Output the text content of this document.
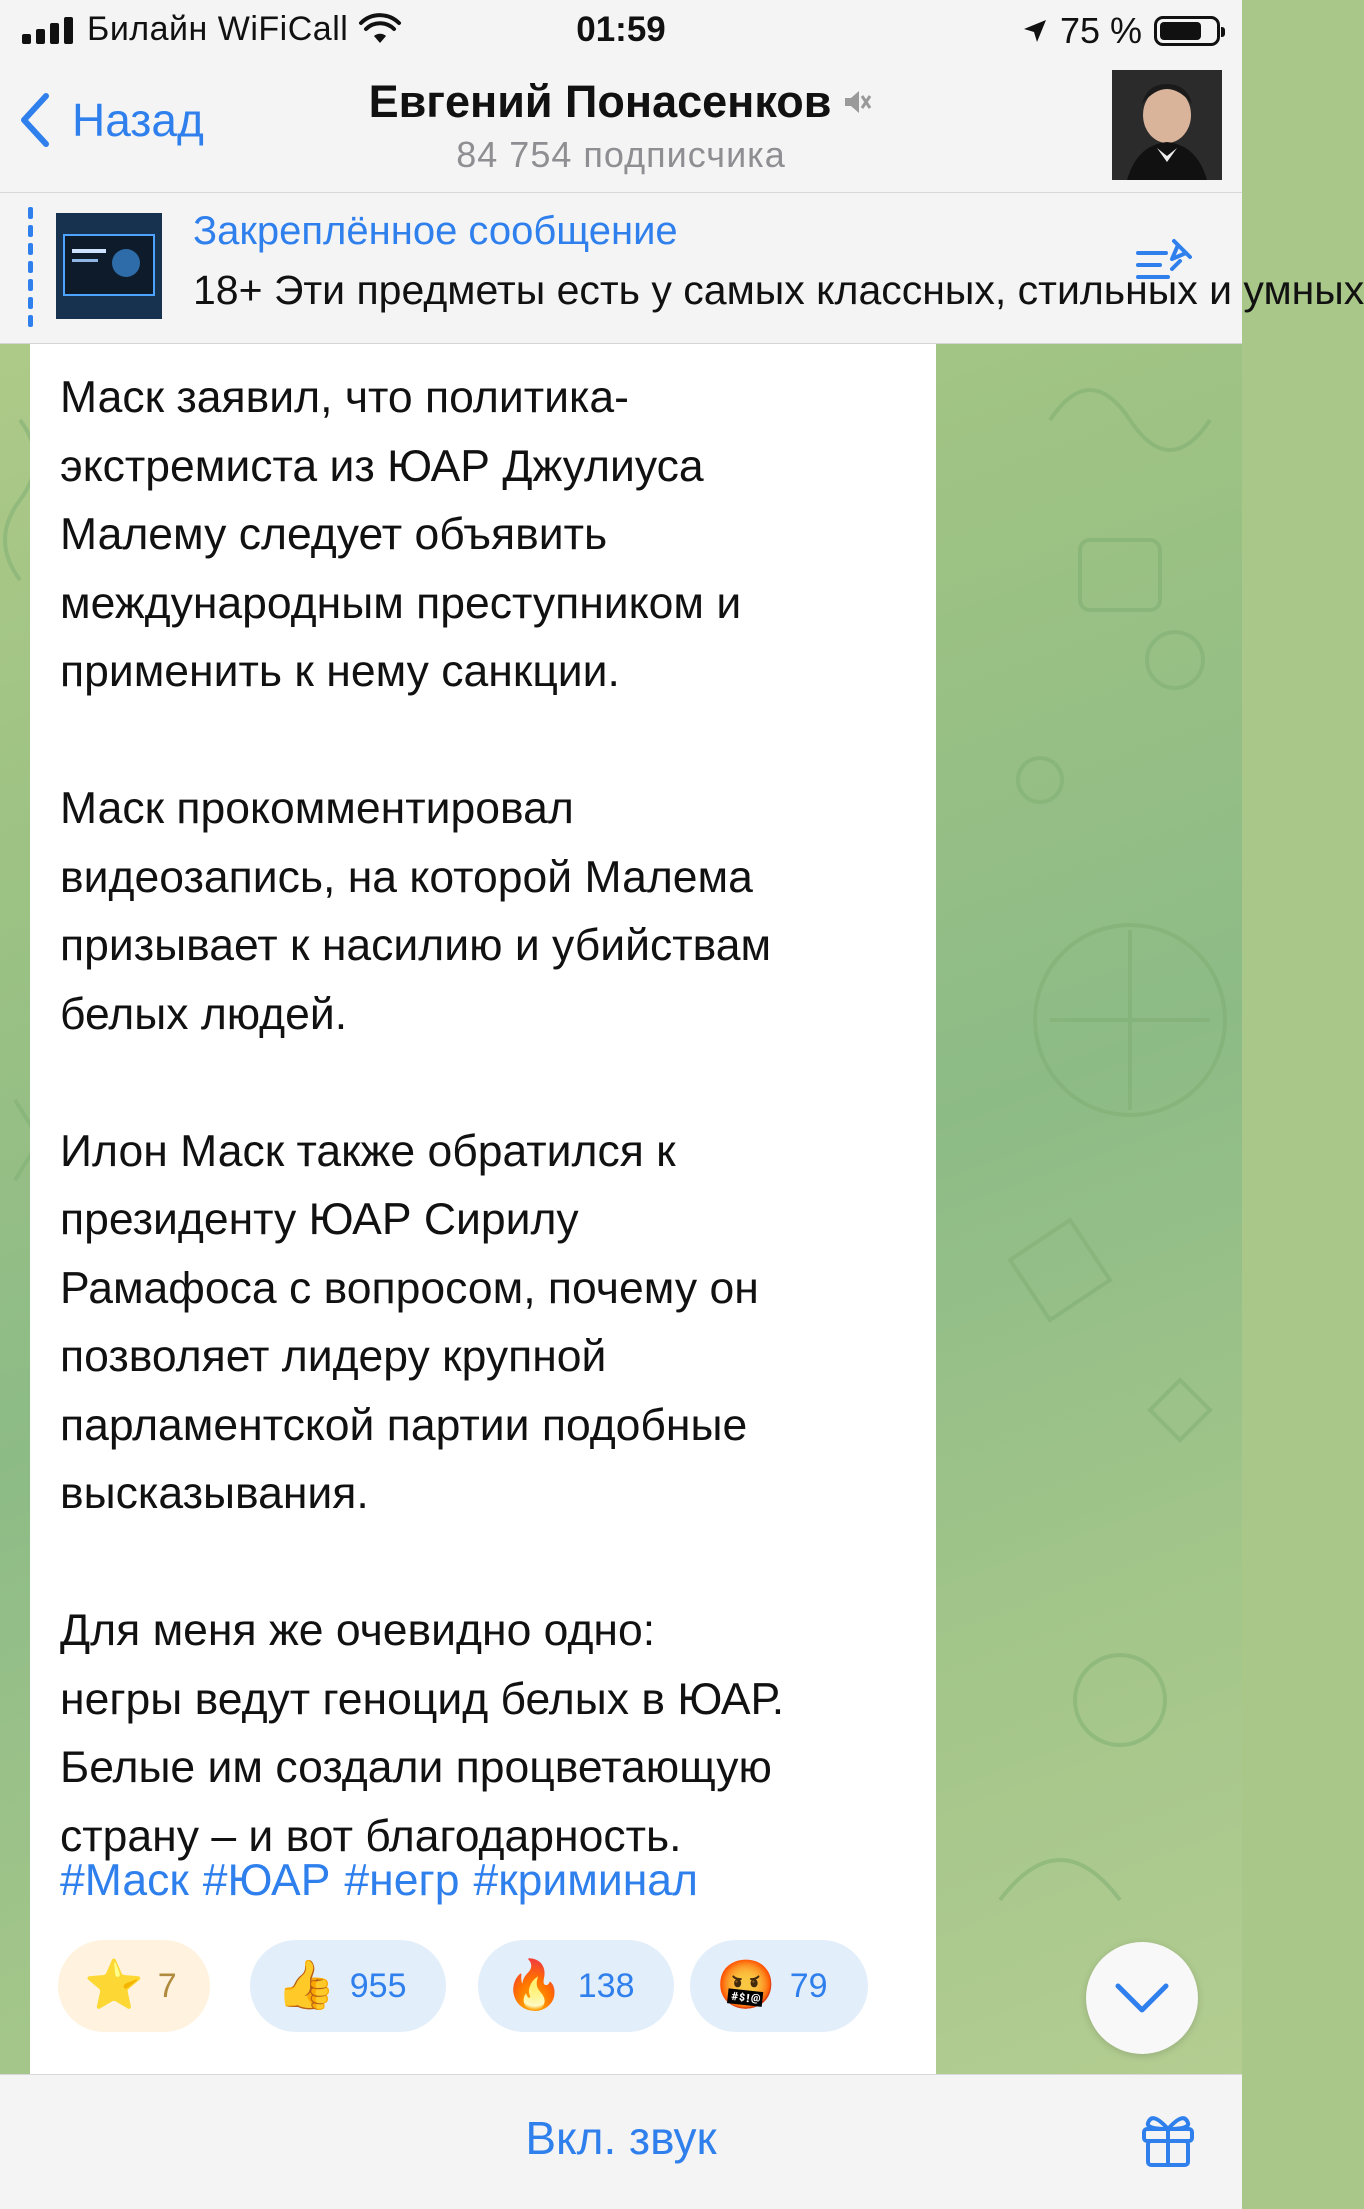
Билайн WiFiCall	01:59	75 %
Назад	Евгений Понасенков
84 754 подписчика
Закреплённое сообщение
18+ Эти предметы есть у самых классных, стильных и умных
Маск заявил, что политика-
экстремиста из ЮАР Джулиуса
Малему следует объявить
международным преступником и
применить к нему санкции.

Маск прокомментировал
видеозапись, на которой Малема
призывает к насилию и убийствам
белых людей.

Илон Маск также обратился к
президенту ЮАР Сирилу
Рамафоса с вопросом, почему он
позволяет лидеру крупной
парламентской партии подобные
высказывания.

Для меня же очевидно одно:
негры ведут геноцид белых в ЮАР.
Белые им создали процветающую
страну – и вот благодарность.
#Маск #ЮАР #негр #криминал
⭐ 7 👍 955 🔥 138 🤬 79
Вкл. звук
